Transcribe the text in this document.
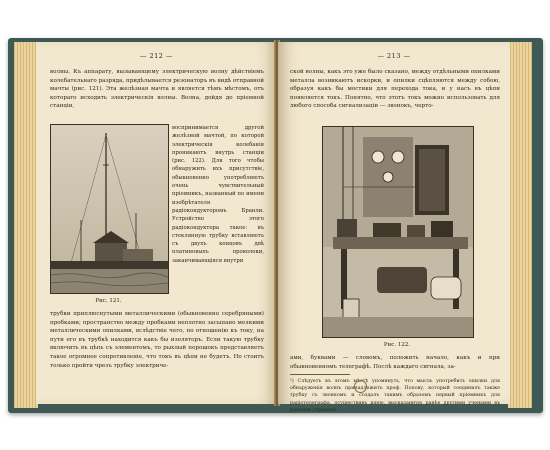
— 212 —

волны. Къ аппарату, вызывающему электрическую волну дѣйствіемъ колебательнаго разряда, придѣлывается резонаторъ въ видѣ отправной мачты (рис. 121). Эта желѣзная мачта и является тѣмъ мѣстомъ, отъ котораго исходить электрическія волны. Волна, дойдя до пріемной станціи,

Рис. 121.
воспринимается другой желѣзной мачтой, по которой электрическія колебанія проникаютъ внутрь станціи (рис. 122). Для того чтобы обнаружить ихъ присутствіе, обыкновенно употребляютъ очень чувствительный пріемникъ, названный по имени изобрѣтателя радіокондукторомъ Бранли. Устройство этого радіокондуктора такое: въ стеклянную трубку вставляютъ съ двухъ концовъ двѣ платиновыхъ проволоки, заканчивающіяся внутри
трубки приплюснутыми металлическими (обыкновенно серебряными) пробками; пространство между пробками неплотно засыпано мелкими металлическими опилками, вслѣдствіе чего, по отношенію къ току, на пути его въ трубкѣ находится какъ бы изоляторъ. Если такую трубку включить въ цѣпь съ элементомъ, то рыхлый порошокъ представляетъ такое огромное сопротивленіе, что токъ въ цѣпи не будетъ. Но стоитъ только пройти чрезъ трубку электриче-
— 213 —
ской волны, какъ это уже было сказано, между отдѣльными опилками металла возникаютъ искорки, и опилки сцѣпляются между собою, образуя какъ бы мостики для перехода тока, и у насъ въ цѣпи появляется токъ. Понятно, что этотъ токъ можно использовать для любого способа сигнализаціи — звонокъ, черто-
Рис. 122.
ами, буквами — словомъ, положить начало, какъ и при обыкновенномъ телеграфѣ. Послѣ каждаго сигнала, за-
¹) Слѣдуетъ въ этомъ мѣстѣ упомянуть, что мысль употребить опилки для обнаруженія волнъ принадлежитъ проф. Попову, который соединилъ также трубку съ звонкомъ и создалъ такимъ образомъ первый пріемникъ для радіотелеграфа, осуществивъ идею, высказанную ранѣе другими учеными въ разныхъ странахъ.
